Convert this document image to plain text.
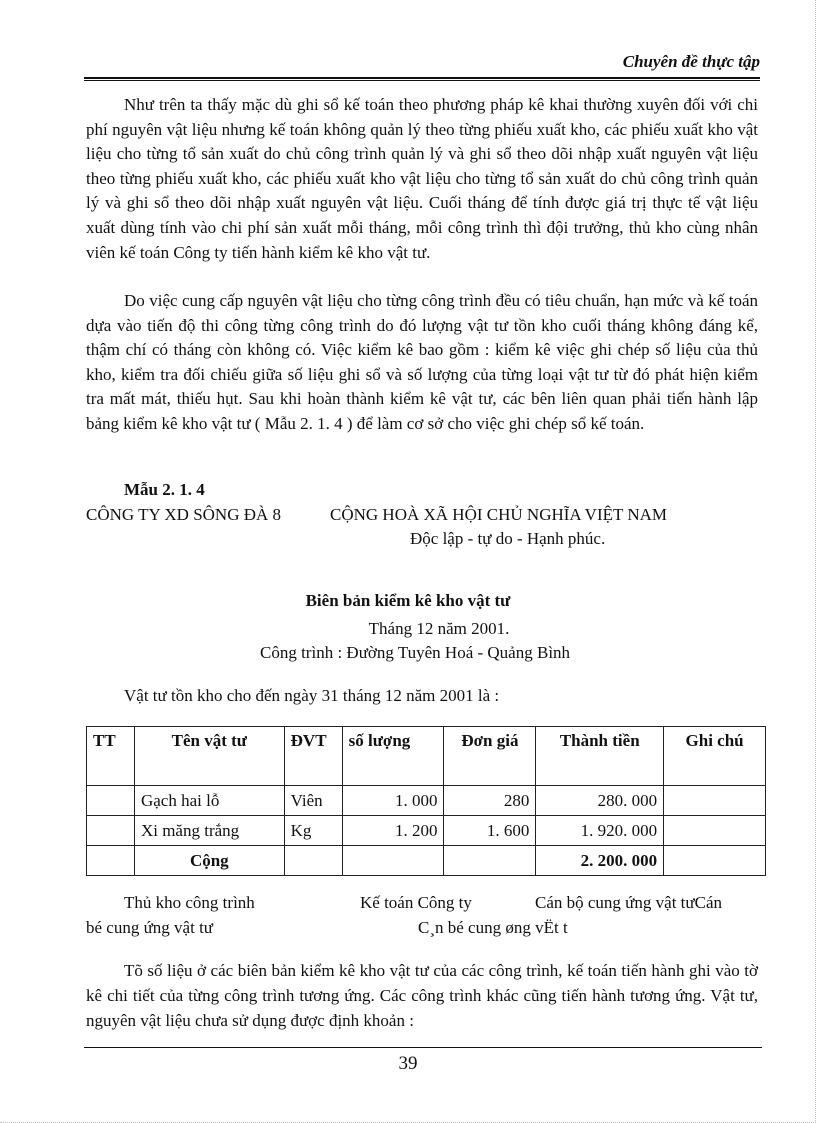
Chuyên đề thực tập

Như trên ta thấy mặc dù ghi sổ kế toán theo phương pháp kê khai thường xuyên đối với chi phí nguyên vật liệu nhưng kế toán không quản lý theo từng phiếu xuất kho, các phiếu xuất kho vật liệu cho từng tổ sản xuất do chủ công trình quản lý và ghi sổ theo dõi nhập xuất nguyên vật liệu theo từng phiếu xuất kho, các phiếu xuất kho vật liệu cho từng tổ sản xuất do chủ công trình quản lý và ghi sổ theo dõi nhập xuất nguyên vật liệu. Cuối tháng để tính được giá trị thực tế vật liệu xuất dùng tính vào chi phí sản xuất mỗi tháng, mỗi công trình thì đội trưởng, thủ kho cùng nhân viên kế toán Công ty tiến hành kiểm kê kho vật tư.

Do việc cung cấp nguyên vật liệu cho từng công trình đều có tiêu chuẩn, hạn mức và kế toán dựa vào tiến độ thi công từng công trình do đó lượng vật tư tồn kho cuối tháng không đáng kể, thậm chí có tháng còn không có. Việc kiểm kê bao gồm : kiểm kê việc ghi chép số liệu của thủ kho, kiểm tra đối chiếu giữa số liệu ghi sổ và số lượng của từng loại vật tư từ đó phát hiện kiểm tra mất mát, thiếu hụt. Sau khi hoàn thành kiểm kê vật tư, các bên liên quan phải tiến hành lập bảng kiểm kê kho vật tư ( Mẫu 2. 1. 4 ) để làm cơ sở cho việc ghi chép sổ kế toán.

Mẫu 2. 1. 4
CÔNG TY XD SÔNG ĐÀ 8	CỘNG HOÀ XÃ HỘI CHỦ NGHĨA VIỆT NAM
Độc lập - tự do - Hạnh phúc.
Biên bản kiểm kê kho vật tư
Tháng 12 năm 2001.
Công trình : Đường Tuyên Hoá - Quảng Bình
Vật tư tồn kho cho đến ngày 31 tháng 12 năm 2001 là :
TT	Tên vật tư	ĐVT	số lượng	Đơn giá	Thành tiền	Ghi chú
	Gạch hai lỗ	Viên	1. 000	280	280. 000	
	Xi măng trắng	Kg	1. 200	1. 600	1. 920. 000	
	Cộng				2. 200. 000	
Thủ kho công trình	Kế toán Công ty	Cán bộ cung ứng vật tưCán
bé cung ứng vật tư	C¸n bé cung øng vËt t

Tõ số liệu ở các biên bản kiểm kê kho vật tư của các công trình, kế toán tiến hành ghi vào tờ kê chi tiết của từng công trình tương ứng. Các công trình khác cũng tiến hành tương ứng. Vật tư, nguyên vật liệu chưa sử dụng được định khoản :

39
